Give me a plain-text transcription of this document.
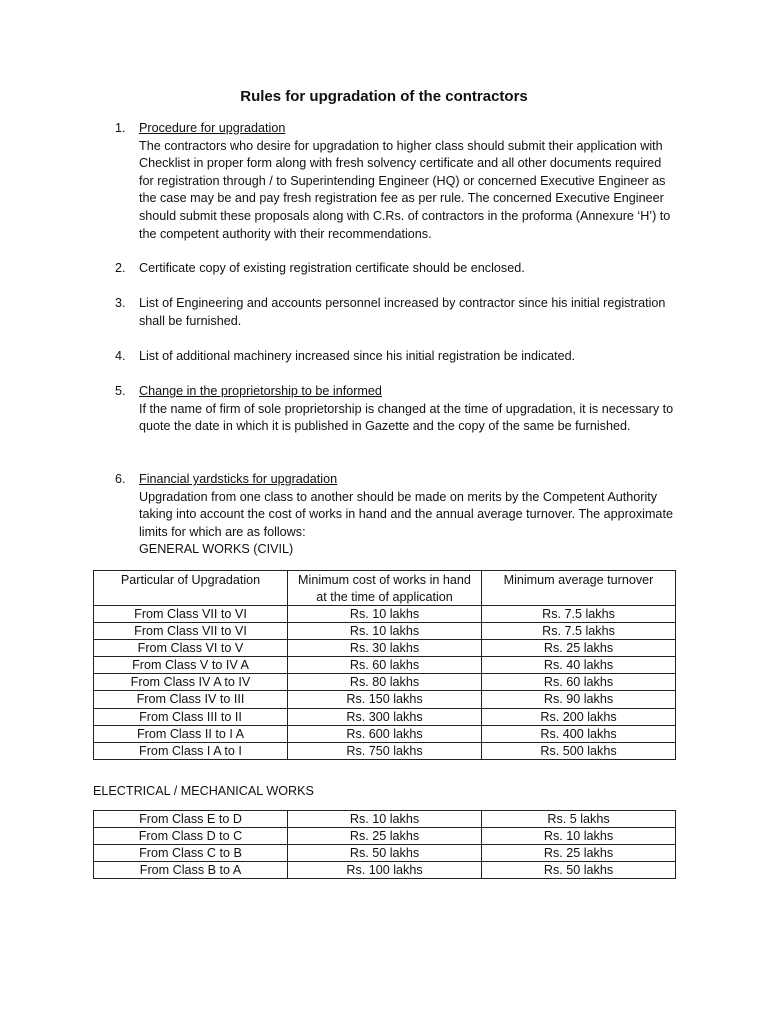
Rules for upgradation of the contractors
1.	Procedure for upgradation
The contractors who desire for upgradation to higher class should submit their application with Checklist in proper form along with fresh solvency certificate and all other documents required for registration through / to Superintending Engineer (HQ) or concerned Executive Engineer as the case may be and pay fresh registration fee as per rule. The concerned Executive Engineer should submit these proposals along with C.Rs. of contractors in the proforma (Annexure ‘H’) to the competent authority with their recommendations.
2.	Certificate copy of existing registration certificate should be enclosed.
3.	List of Engineering and accounts personnel increased by contractor since his initial registration shall be furnished.
4.	List of additional machinery increased since his initial registration be indicated.
5.	Change in the proprietorship to be informed
If the name of firm of sole proprietorship is changed at the time of upgradation, it is necessary to quote the date in which it is published in Gazette and the copy of the same be furnished.
6.	Financial yardsticks for upgradation
Upgradation from one class to another should be made on merits by the Competent Authority taking into account the cost of works in hand and the annual average turnover. The approximate limits for which are as follows:
GENERAL WORKS (CIVIL)
Particular of Upgradation	Minimum cost of works in hand at the time of application	Minimum average turnover
From Class VII to VI	Rs. 10 lakhs	Rs. 7.5 lakhs
From Class VII to VI	Rs. 10 lakhs	Rs. 7.5 lakhs
From Class VI to V	Rs. 30 lakhs	Rs. 25 lakhs
From Class V to IV A	Rs. 60 lakhs	Rs. 40 lakhs
From Class IV A to IV	Rs. 80 lakhs	Rs. 60 lakhs
From Class IV to III	Rs. 150 lakhs	Rs. 90 lakhs
From Class III to II	Rs. 300 lakhs	Rs. 200 lakhs
From Class II to I A	Rs. 600 lakhs	Rs. 400 lakhs
From Class I A to I	Rs. 750 lakhs	Rs. 500 lakhs
ELECTRICAL / MECHANICAL WORKS
From Class E to D	Rs. 10 lakhs	Rs. 5 lakhs
From Class D to C	Rs. 25 lakhs	Rs. 10 lakhs
From Class C to B	Rs. 50 lakhs	Rs. 25 lakhs
From Class B to A	Rs. 100 lakhs	Rs. 50 lakhs
